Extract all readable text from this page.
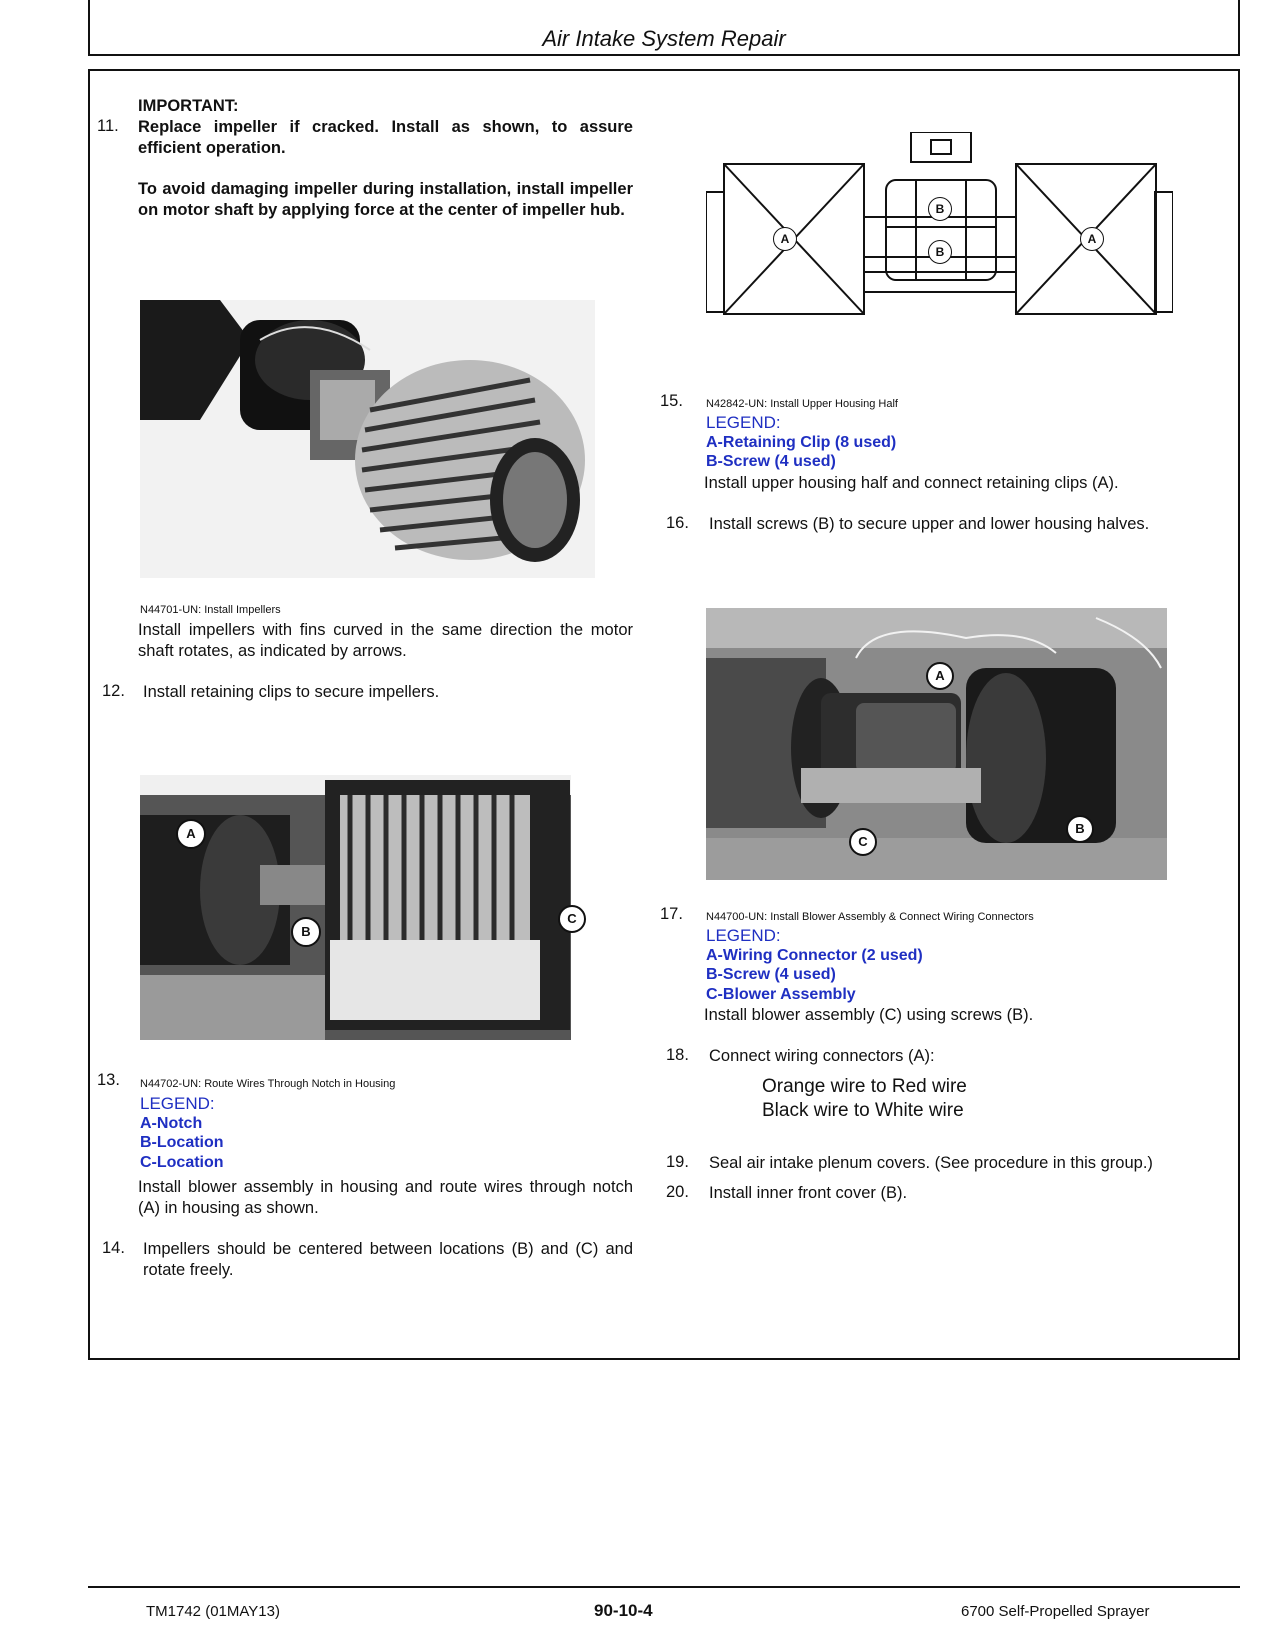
Air Intake System Repair
IMPORTANT:
11. Replace impeller if cracked. Install as shown, to assure efficient operation.
To avoid damaging impeller during installation, install impeller on motor shaft by applying force at the center of impeller hub.
N44701-UN: Install Impellers
Install impellers with fins curved in the same direction the motor shaft rotates, as indicated by arrows.
12. Install retaining clips to secure impellers.
A
B
C
13. N44702-UN: Route Wires Through Notch in Housing
LEGEND:
A-Notch
B-Location
C-Location
Install blower assembly in housing and route wires through notch (A) in housing as shown.
14. Impellers should be centered between locations (B) and (C) and rotate freely.
A
B
B
A
15. N42842-UN: Install Upper Housing Half
LEGEND:
A-Retaining Clip (8 used)
B-Screw (4 used)
Install upper housing half and connect retaining clips (A).
16. Install screws (B) to secure upper and lower housing halves.
A
B
C
17. N44700-UN: Install Blower Assembly & Connect Wiring Connectors
LEGEND:
A-Wiring Connector (2 used)
B-Screw (4 used)
C-Blower Assembly
Install blower assembly (C) using screws (B).
18. Connect wiring connectors (A):
Orange wire to Red wire
Black wire to White wire
19. Seal air intake plenum covers. (See procedure in this group.)
20. Install inner front cover (B).
TM1742 (01MAY13)	90-10-4	6700 Self-Propelled Sprayer
